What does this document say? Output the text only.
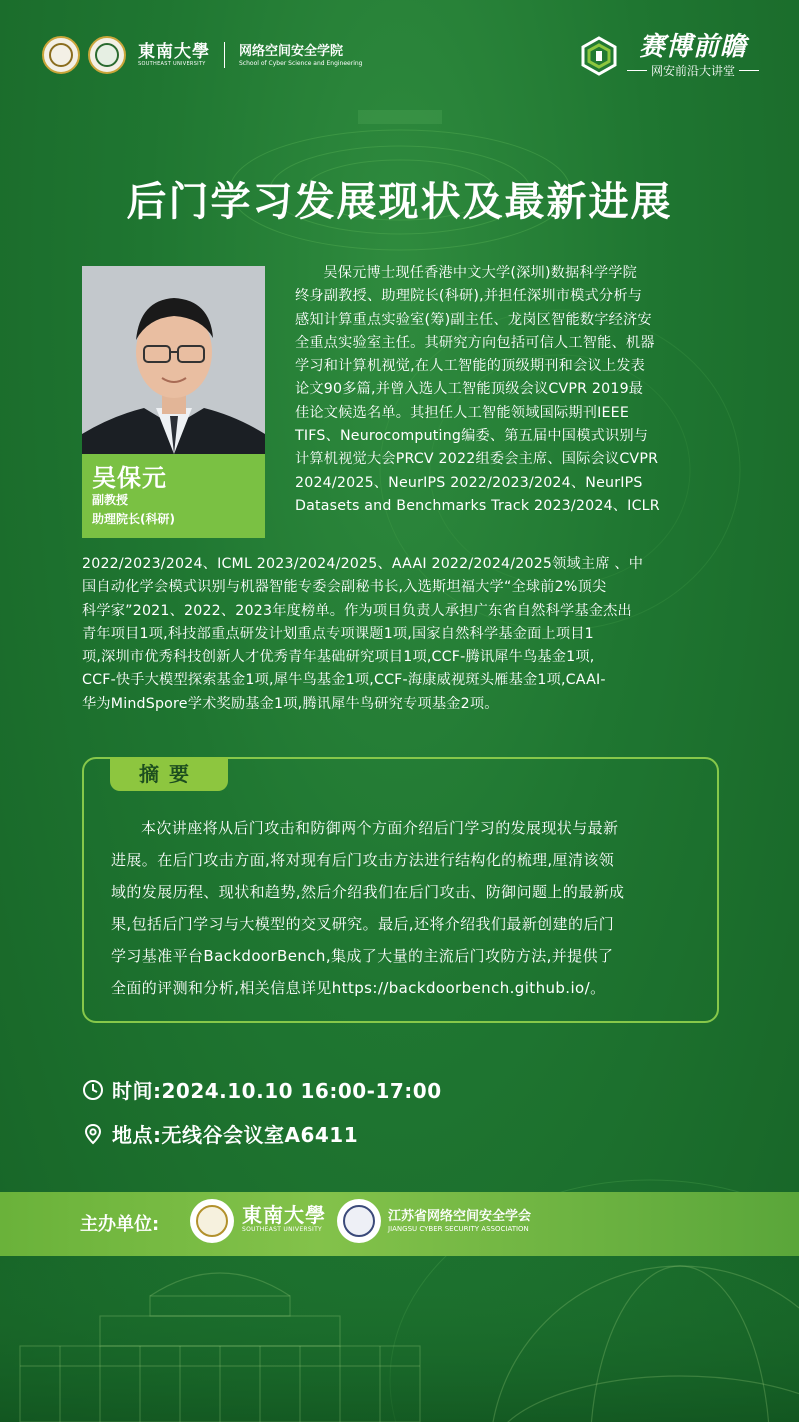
東南大學
SOUTHEAST UNIVERSITY
网络空间安全学院
School of Cyber Science and Engineering
赛博前瞻
网安前沿大讲堂
后门学习发展现状及最新进展
吴保元
副教授
助理院长(科研)
吴保元博士现任香港中文大学(深圳)数据科学学院
终身副教授、助理院长(科研),并担任深圳市模式分析与
感知计算重点实验室(筹)副主任、龙岗区智能数字经济安
全重点实验室主任。其研究方向包括可信人工智能、机器
学习和计算机视觉,在人工智能的顶级期刊和会议上发表
论文90多篇,并曾入选人工智能顶级会议CVPR 2019最
佳论文候选名单。其担任人工智能领域国际期刊IEEE
TIFS、Neurocomputing编委、第五届中国模式识别与
计算机视觉大会PRCV 2022组委会主席、国际会议CVPR
2024/2025、NeurIPS 2022/2023/2024、NeurIPS
Datasets and Benchmarks Track 2023/2024、ICLR
2022/2023/2024、ICML 2023/2024/2025、AAAI 2022/2024/2025领域主席 、中
国自动化学会模式识别与机器智能专委会副秘书长,入选斯坦福大学“全球前2%顶尖
科学家”2021、2022、2023年度榜单。作为项目负责人承担广东省自然科学基金杰出
青年项目1项,科技部重点研发计划重点专项课题1项,国家自然科学基金面上项目1
项,深圳市优秀科技创新人才优秀青年基础研究项目1项,CCF-腾讯犀牛鸟基金1项,
CCF-快手大模型探索基金1项,犀牛鸟基金1项,CCF-海康威视斑头雁基金1项,CAAI-
华为MindSpore学术奖励基金1项,腾讯犀牛鸟研究专项基金2项。
摘要
本次讲座将从后门攻击和防御两个方面介绍后门学习的发展现状与最新
进展。在后门攻击方面,将对现有后门攻击方法进行结构化的梳理,厘清该领
域的发展历程、现状和趋势,然后介绍我们在后门攻击、防御问题上的最新成
果,包括后门学习与大模型的交叉研究。最后,还将介绍我们最新创建的后门
学习基准平台BackdoorBench,集成了大量的主流后门攻防方法,并提供了
全面的评测和分析,相关信息详见https://backdoorbench.github.io/。
时间:2024.10.10 16:00-17:00
地点:无线谷会议室A6411
主办单位:	東南大學
SOUTHEAST UNIVERSITY
江苏省网络空间安全学会
JIANGSU CYBER SECURITY ASSOCIATION
